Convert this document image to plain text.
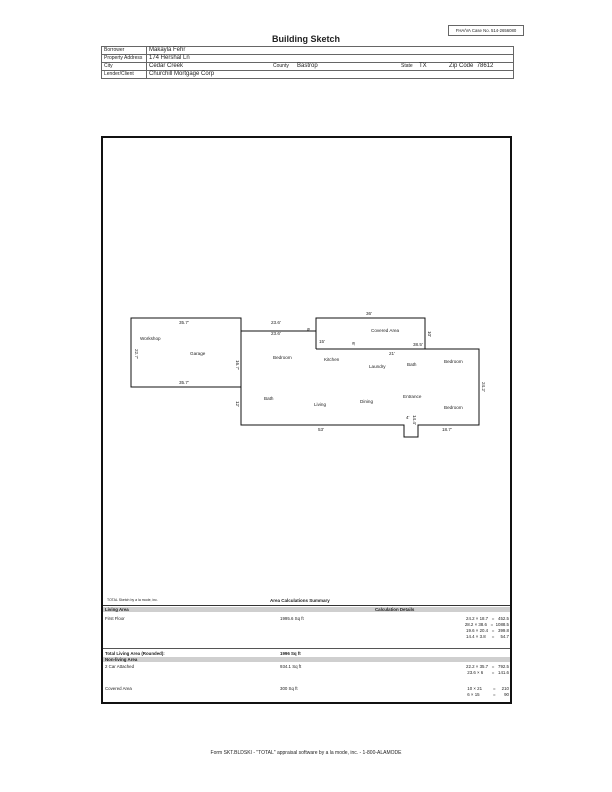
FHA/VA Case No. 514-2656080
Building Sketch
Borrower	Makayla Fehr					
Property Address	174 Hershal Ln					
City	Cedar Creek	County	Bastrop	State	TX	Zip Code 78612
Lender/Client	Churchill Mortgage Corp					
35.7'	23.6'
23.6'
6'
36'
10'
15'
38.5'
21'
6'
22.7'
16.7'
24.2'
35.7'
12'
53'	18.7'
4' 14.4'
Workshop
Garage
Covered Area
Bedroom	Kitchen
Laundry	Bath
Bedroom
Bath
Living
Dining
Entrance
Bedroom
TOTAL Sketch by a la mode, inc.	Area Calculations Summary
Living Area	Calculation Details
First Floor	1995.6 Sq ft	24.2 × 18.7   =   452.5
28.2 × 38.6   =  1088.5
19.6 × 20.4   =   399.8
14.4 × 3.8     =     54.7
Total Living Area (Rounded):	1996 Sq ft
Non-living Area
2 Car Attached	934.1 Sq ft	22.2 × 35.7   =   792.5
23.6 × 6       =   141.6
Covered Area	300 Sq ft	10 × 21         =     210
6 × 15           =       90
Form SKT.BLDSKI - "TOTAL" appraisal software by a la mode, inc. - 1-800-ALAMODE
